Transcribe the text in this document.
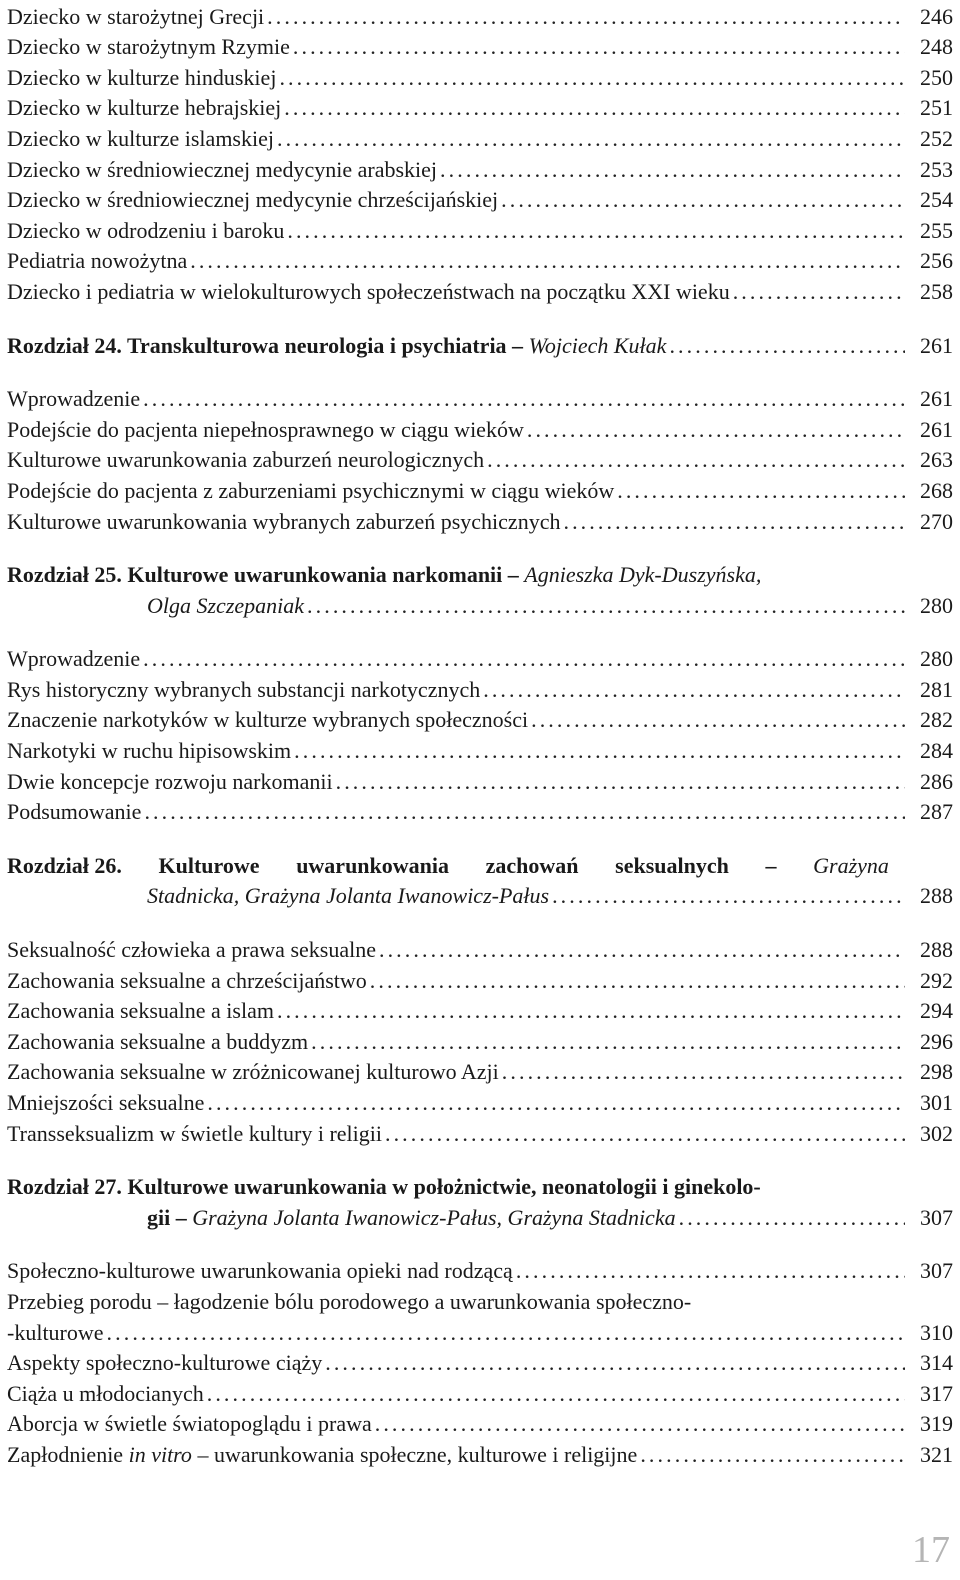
Dziecko w starożytnej Grecji . . .	246
Dziecko w starożytnym Rzymie . . .	248
Dziecko w kulturze hinduskiej . . .	250
Dziecko w kulturze hebrajskiej . . .	251
Dziecko w kulturze islamskiej . . .	252
Dziecko w średniowiecznej medycynie arabskiej . . .	253
Dziecko w średniowiecznej medycynie chrześcijańskiej . . .	254
Dziecko w odrodzeniu i baroku . . .	255
Pediatria nowożytna . . .	256
Dziecko i pediatria w wielokulturowych społeczeństwach na początku XXI wieku . . .	258
Rozdział 24. Transkulturowa neurologia i psychiatria – Wojciech Kułak . . .	261
Wprowadzenie . . .	261
Podejście do pacjenta niepełnosprawnego w ciągu wieków . . .	261
Kulturowe uwarunkowania zaburzeń neurologicznych . . .	263
Podejście do pacjenta z zaburzeniami psychicznymi w ciągu wieków . . .	268
Kulturowe uwarunkowania wybranych zaburzeń psychicznych . . .	270
Rozdział 25. Kulturowe uwarunkowania narkomanii – Agnieszka Dyk-Duszyńska,
Olga Szczepaniak . . .	280
Wprowadzenie . . .	280
Rys historyczny wybranych substancji narkotycznych . . .	281
Znaczenie narkotyków w kulturze wybranych społeczności . . .	282
Narkotyki w ruchu hipisowskim . . .	284
Dwie koncepcje rozwoju narkomanii . . .	286
Podsumowanie . . .	287
Rozdział 26. Kulturowe uwarunkowania zachowań seksualnych – Grażyna
Stadnicka, Grażyna Jolanta Iwanowicz-Pałus . . .	288
Seksualność człowieka a prawa seksualne . . .	288
Zachowania seksualne a chrześcijaństwo . . .	292
Zachowania seksualne a islam . . .	294
Zachowania seksualne a buddyzm . . .	296
Zachowania seksualne w zróżnicowanej kulturowo Azji . . .	298
Mniejszości seksualne . . .	301
Transseksualizm w świetle kultury i religii . . .	302
Rozdział 27. Kulturowe uwarunkowania w położnictwie, neonatologii i ginekolo-
gii – Grażyna Jolanta Iwanowicz-Pałus, Grażyna Stadnicka . . .	307
Społeczno-kulturowe uwarunkowania opieki nad rodzącą . . .	307
Przebieg porodu – łagodzenie bólu porodowego a uwarunkowania społeczno-
-kulturowe . . .	310
Aspekty społeczno-kulturowe ciąży . . .	314
Ciąża u młodocianych . . .	317
Aborcja w świetle światopoglądu i prawa . . .	319
Zapłodnienie in vitro – uwarunkowania społeczne, kulturowe i religijne . . .	321
17
